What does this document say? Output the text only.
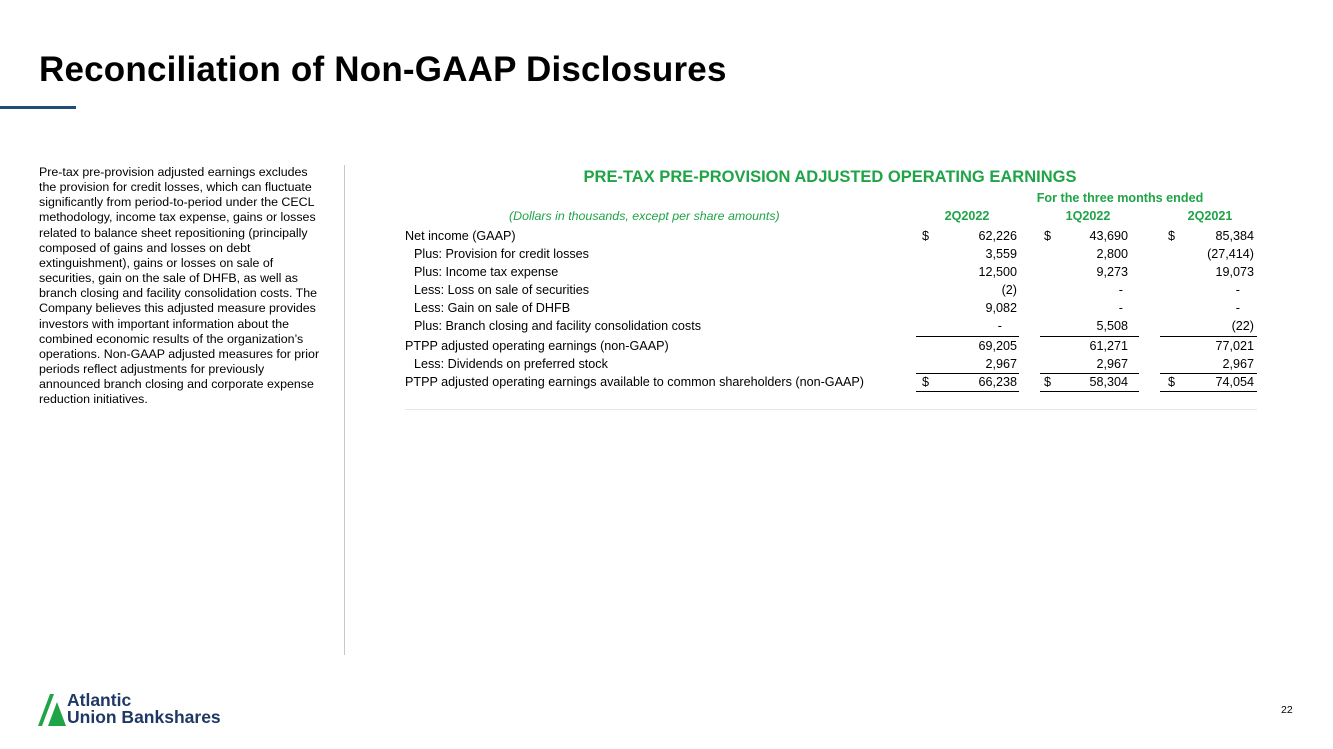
Reconciliation of Non-GAAP Disclosures
Pre-tax pre-provision adjusted earnings excludes the provision for credit losses, which can fluctuate significantly from period-to-period under the CECL methodology, income tax expense, gains or losses related to balance sheet repositioning (principally composed of gains and losses on debt extinguishment), gains or losses on sale of securities, gain on the sale of DHFB, as well as branch closing and facility consolidation costs. The Company believes this adjusted measure provides investors with important information about the combined economic results of the organization’s operations. Non-GAAP adjusted measures for prior periods reflect adjustments for previously announced branch closing and corporate expense reduction initiatives.
PRE-TAX PRE-PROVISION ADJUSTED OPERATING EARNINGS
For the three months ended
(Dollars in thousands, except per share amounts)	2Q2022	1Q2022	2Q2021
Net income (GAAP)	$	62,226 $	43,690	$	85,384
Plus: Provision for credit losses	3,559	2,800	(27,414)
Plus: Income tax expense	12,500	9,273	19,073
Less: Loss on sale of securities	(2)	-	-
Less: Gain on sale of DHFB	9,082	-	-
Plus: Branch closing and facility consolidation costs	-	5,508	(22)
PTPP adjusted operating earnings (non-GAAP)	69,205	61,271	77,021
Less: Dividends on preferred stock	2,967	2,967	2,967
PTPP adjusted operating earnings available to common shareholders (non-GAAP)	$	66,238 $	58,304	$	74,054
Atlantic
Union Bankshares	22
